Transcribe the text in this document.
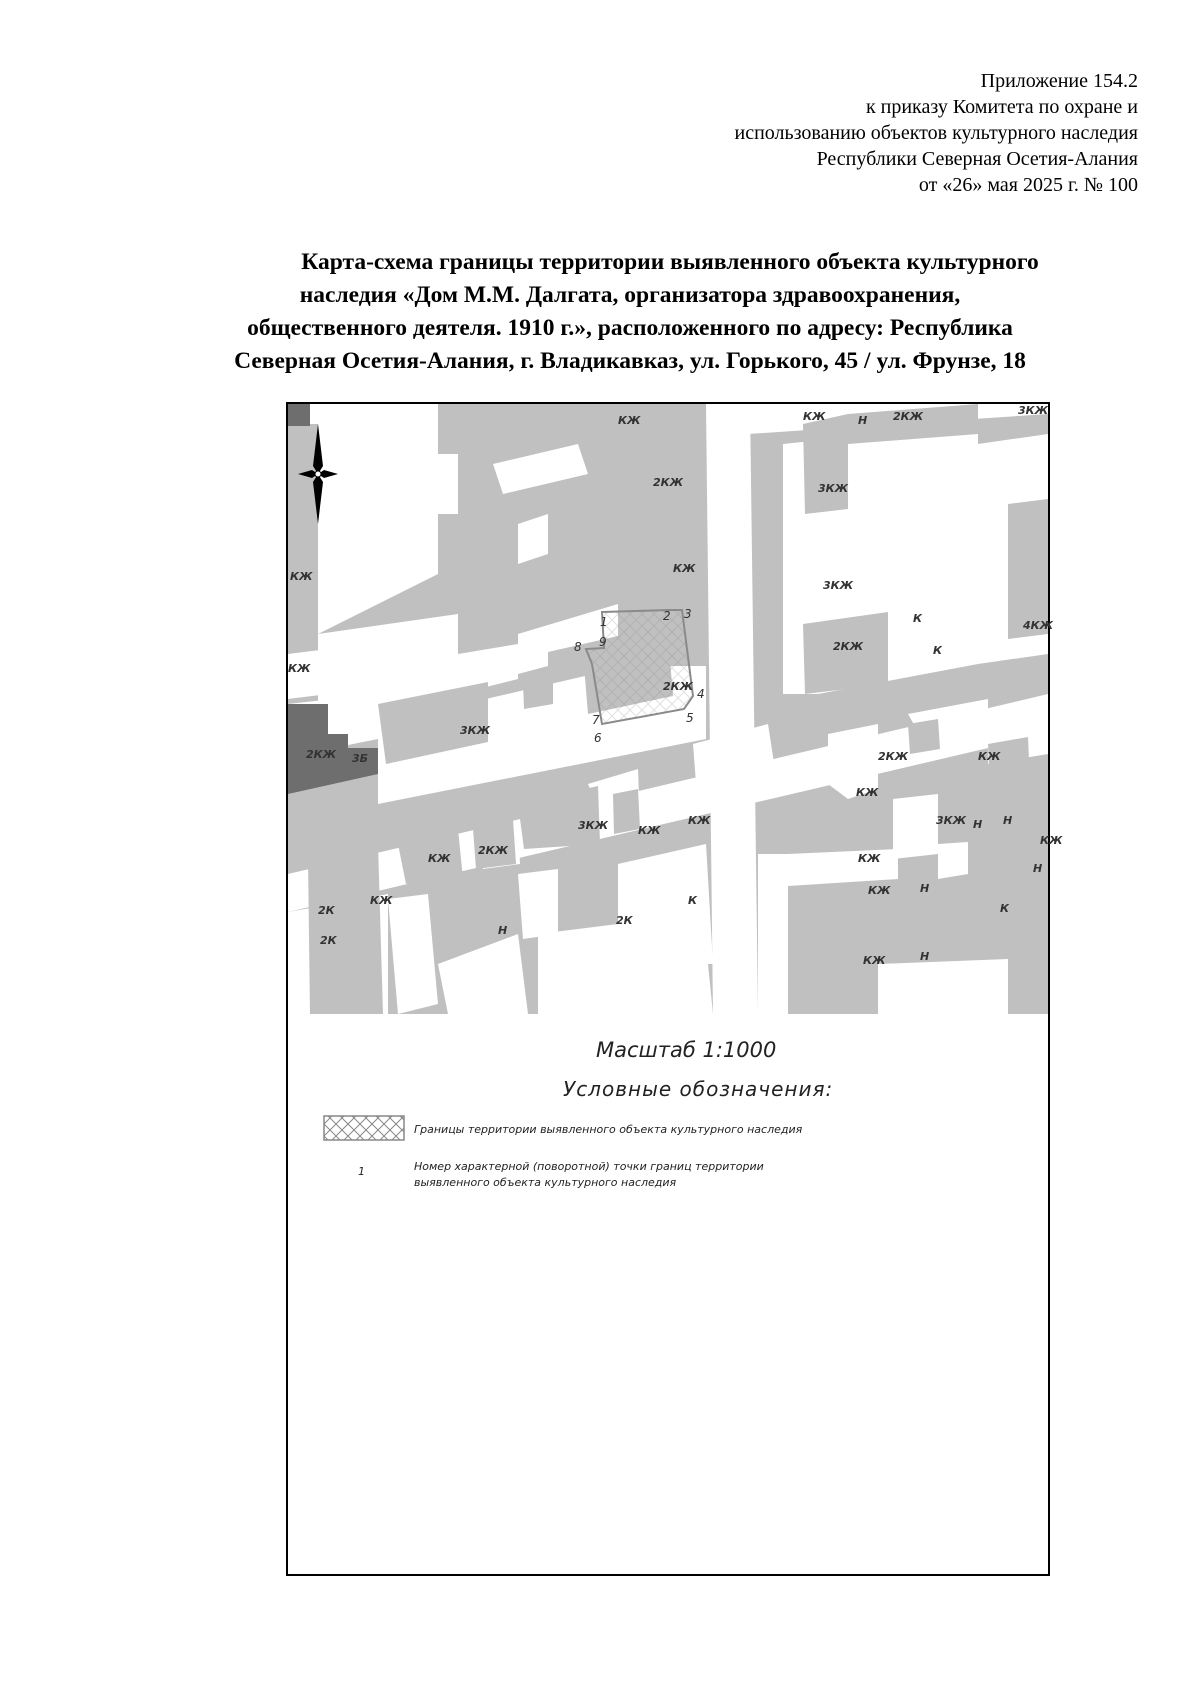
Приложение 154.2
к приказу Комитета по охране и
использованию объектов культурного наследия
Республики Северная Осетия-Алания
от «26» мая 2025 г. № 100
Карта-схема границы территории выявленного объекта культурного
наследия «Дом М.М. Далгата, организатора здравоохранения,
общественного деятеля. 1910 г.», расположенного по адресу: Республика
Северная Осетия-Алания, г. Владикавказ, ул. Горького, 45 / ул. Фрунзе, 18
КЖ	КЖ	Н 2КЖ	3КЖ
2КЖ	3КЖ
КЖ
3КЖ
КЖ
К
4КЖ
2КЖ	К
КЖ
2КЖ
3КЖ
2КЖ 3Б	2КЖ	КЖ
КЖ
3КЖ	КЖ
КЖ
2КЖ
КЖ	КЖ
3КЖ Н Н
КЖ	Н
2К
КЖ
Н
К
2К
2К
КЖ	Н
К
КЖ
Н
1	2 3
4
5
6
7
8 9
Масштаб 1:1000
Условные обозначения:
Границы территории выявленного объекта культурного наследия
1	Номер характерной (поворотной) точки границ территории
выявленного объекта культурного наследия
